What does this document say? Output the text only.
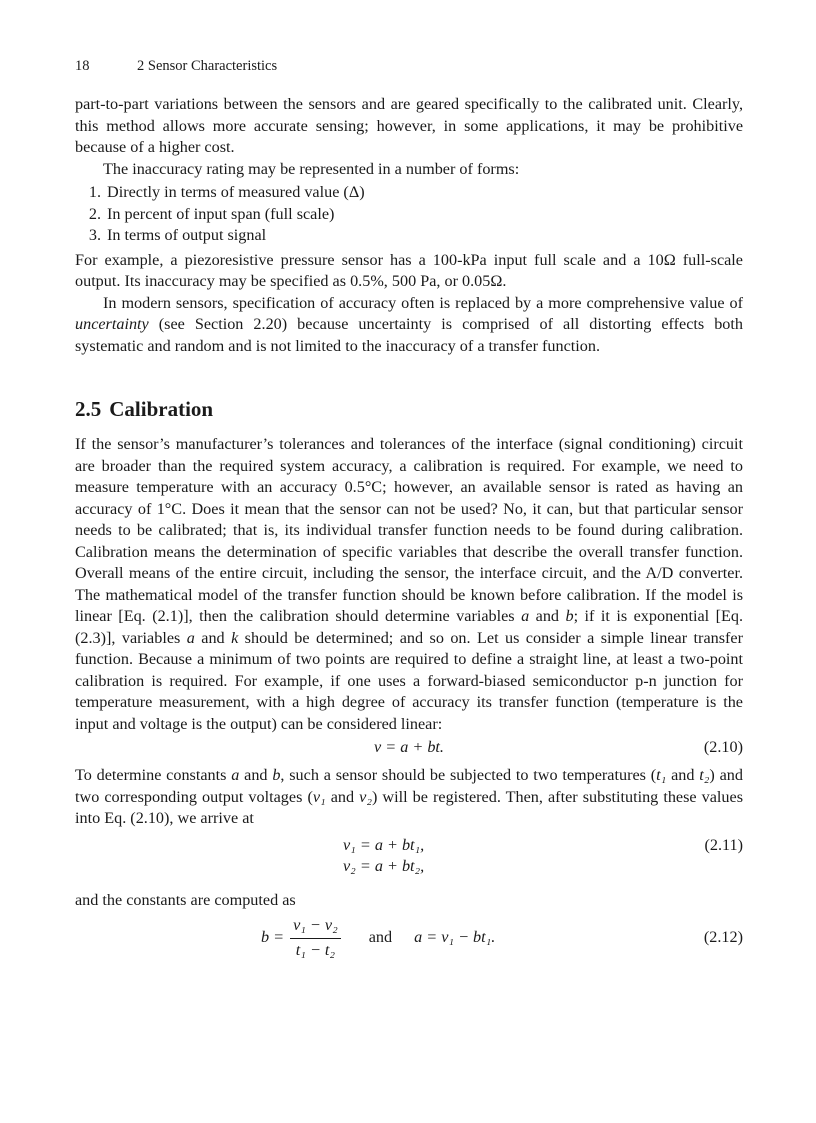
18	2 Sensor Characteristics

part-to-part variations between the sensors and are geared specifically to the calibrated unit. Clearly, this method allows more accurate sensing; however, in some applications, it may be prohibitive because of a higher cost.

The inaccuracy rating may be represented in a number of forms:

1. Directly in terms of measured value (Δ)
2. In percent of input span (full scale)
3. In terms of output signal

For example, a piezoresistive pressure sensor has a 100-kPa input full scale and a 10Ω full-scale output. Its inaccuracy may be specified as 0.5%, 500 Pa, or 0.05Ω.

In modern sensors, specification of accuracy often is replaced by a more comprehensive value of uncertainty (see Section 2.20) because uncertainty is comprised of all distorting effects both systematic and random and is not limited to the inaccuracy of a transfer function.

2.5 Calibration

If the sensor’s manufacturer’s tolerances and tolerances of the interface (signal conditioning) circuit are broader than the required system accuracy, a calibration is required. For example, we need to measure temperature with an accuracy 0.5°C; however, an available sensor is rated as having an accuracy of 1°C. Does it mean that the sensor can not be used? No, it can, but that particular sensor needs to be calibrated; that is, its individual transfer function needs to be found during calibration. Calibration means the determination of specific variables that describe the overall transfer function. Overall means of the entire circuit, including the sensor, the interface circuit, and the A/D converter. The mathematical model of the transfer function should be known before calibration. If the model is linear [Eq. (2.1)], then the calibration should determine variables a and b; if it is exponential [Eq. (2.3)], variables a and k should be determined; and so on. Let us consider a simple linear transfer function. Because a minimum of two points are required to define a straight line, at least a two-point calibration is required. For example, if one uses a forward-biased semiconductor p-n junction for temperature measurement, with a high degree of accuracy its transfer function (temperature is the input and voltage is the output) can be considered linear:

v = a + bt.	(2.10)

To determine constants a and b, such a sensor should be subjected to two temperatures (t₁ and t₂) and two corresponding output voltages (v₁ and v₂) will be registered. Then, after substituting these values into Eq. (2.10), we arrive at

v₁ = a + bt₁,
v₂ = a + bt₂,
(2.11)

and the constants are computed as

$b = \frac{\text{v₁ − v₂}}{\text{t₁ − t₂}}$ and a = v₁ − bt₁.	(2.12)
